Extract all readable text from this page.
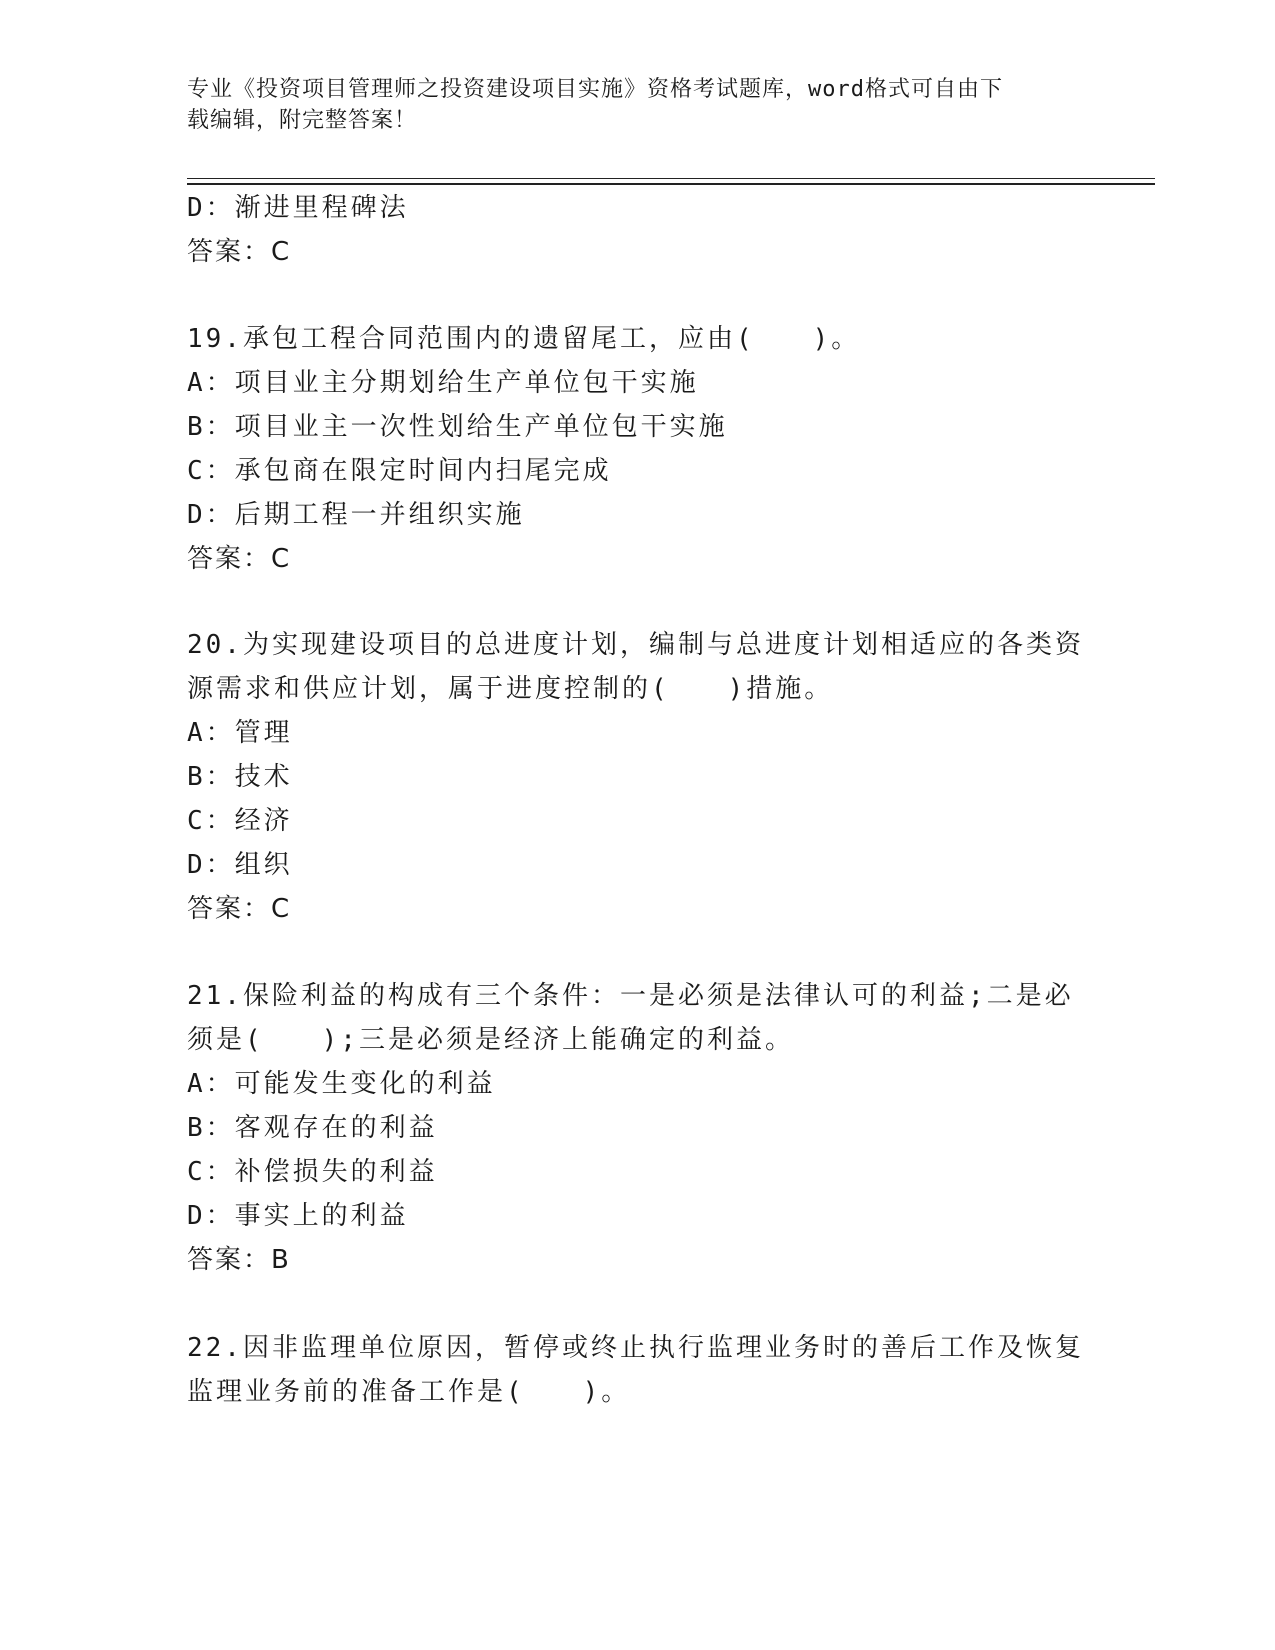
专业《投资项目管理师之投资建设项目实施》资格考试题库，word格式可自由下
载编辑，附完整答案！
D：渐进里程碑法
答案：C
19.承包工程合同范围内的遗留尾工，应由(　　)。
A：项目业主分期划给生产单位包干实施
B：项目业主一次性划给生产单位包干实施
C：承包商在限定时间内扫尾完成
D：后期工程一并组织实施
答案：C
20.为实现建设项目的总进度计划，编制与总进度计划相适应的各类资
源需求和供应计划，属于进度控制的(　　)措施。
A：管理
B：技术
C：经济
D：组织
答案：C
21.保险利益的构成有三个条件：一是必须是法律认可的利益;二是必
须是(　　);三是必须是经济上能确定的利益。
A：可能发生变化的利益
B：客观存在的利益
C：补偿损失的利益
D：事实上的利益
答案：B
22.因非监理单位原因，暂停或终止执行监理业务时的善后工作及恢复
监理业务前的准备工作是(　　)。
